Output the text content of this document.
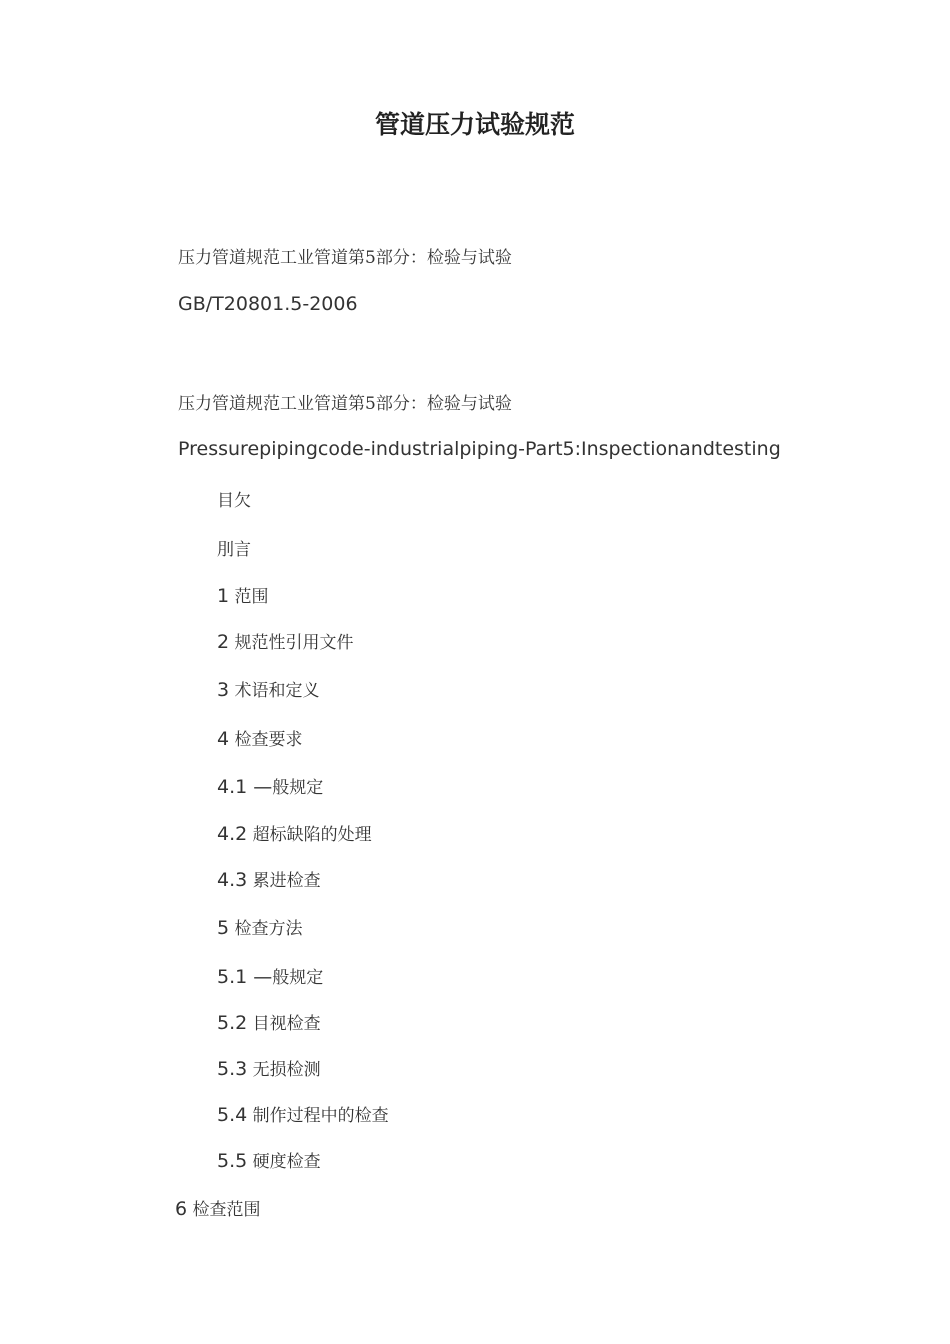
管道压力试验规范
压力管道规范工业管道第5部分：检验与试验
GB/T20801.5-2006
压力管道规范工业管道第5部分：检验与试验
Pressurepipingcode-industrialpiping-Part5:Inspectionandtesting
目欠
刖言
1 范围
2 规范性引用文件
3 术语和定义
4 检查要求
4.1 —般规定
4.2 超标缺陷的处理
4.3 累进检查
5 检查方法
5.1 —般规定
5.2 目视检查
5.3 无损检测
5.4 制作过程中的检查
5.5 硬度检查
6 检查范围
